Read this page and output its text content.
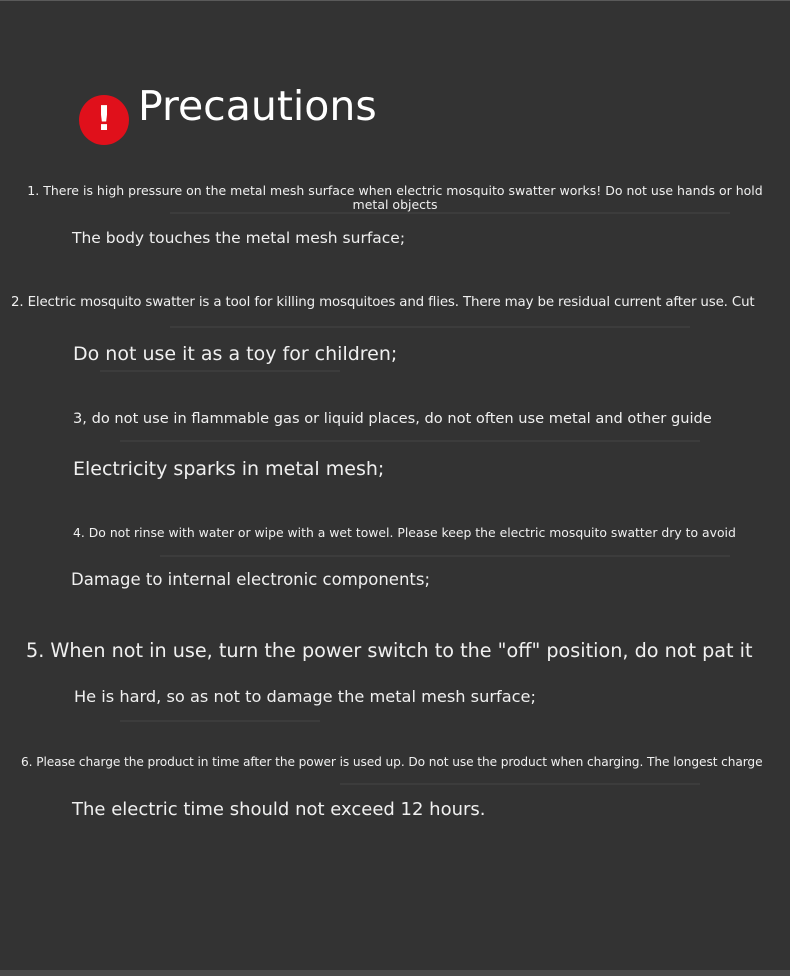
! Precautions
1. There is high pressure on the metal mesh surface when electric mosquito swatter works! Do not use hands or hold metal objects
The body touches the metal mesh surface;
2. Electric mosquito swatter is a tool for killing mosquitoes and flies. There may be residual current after use. Cut
Do not use it as a toy for children;
3, do not use in flammable gas or liquid places, do not often use metal and other guide
Electricity sparks in metal mesh;
4. Do not rinse with water or wipe with a wet towel. Please keep the electric mosquito swatter dry to avoid
Damage to internal electronic components;
5. When not in use, turn the power switch to the "off" position, do not pat it
He is hard, so as not to damage the metal mesh surface;
6. Please charge the product in time after the power is used up. Do not use the product when charging. The longest charge
The electric time should not exceed 12 hours.
